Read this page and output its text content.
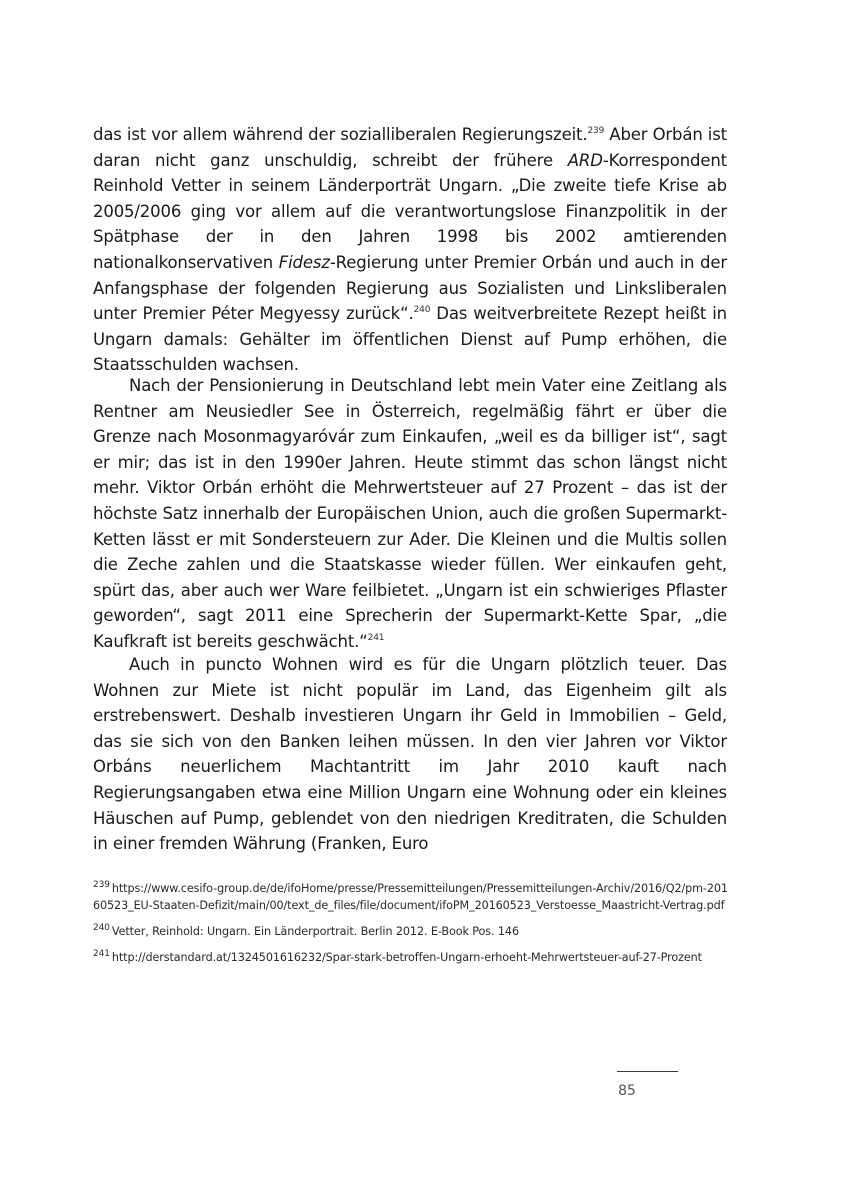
das ist vor allem während der sozialliberalen Regierungszeit.$^{239}$ Aber Orbán ist daran nicht ganz unschuldig, schreibt der frühere ARD-Korrespondent Reinhold Vetter in seinem Länderporträt Ungarn. „Die zweite tiefe Krise ab 2005/2006 ging vor allem auf die verantwortungslose Finanzpolitik in der Spätphase der in den Jahren 1998 bis 2002 amtierenden nationalkonservativen Fidesz-Regierung unter Premier Orbán und auch in der Anfangsphase der folgenden Regierung aus Sozialisten und Linksliberalen unter Premier Péter Megyessy zurück“.$^{240}$ Das weitverbreitete Rezept heißt in Ungarn damals: Gehälter im öffentlichen Dienst auf Pump erhöhen, die Staatsschulden wachsen.

Nach der Pensionierung in Deutschland lebt mein Vater eine Zeitlang als Rentner am Neusiedler See in Österreich, regelmäßig fährt er über die Grenze nach Mosonmagyaróvár zum Einkaufen, „weil es da billiger ist“, sagt er mir; das ist in den 1990er Jahren. Heute stimmt das schon längst nicht mehr. Viktor Orbán erhöht die Mehrwertsteuer auf 27 Prozent – das ist der höchste Satz innerhalb der Europäischen Union, auch die großen Supermarkt-Ketten lässt er mit Sondersteuern zur Ader. Die Kleinen und die Multis sollen die Zeche zahlen und die Staatskasse wieder füllen. Wer einkaufen geht, spürt das, aber auch wer Ware feilbietet. „Ungarn ist ein schwieriges Pflaster geworden“, sagt 2011 eine Sprecherin der Supermarkt-Kette Spar, „die Kaufkraft ist bereits geschwächt.“$^{241}$

Auch in puncto Wohnen wird es für die Ungarn plötzlich teuer. Das Wohnen zur Miete ist nicht populär im Land, das Eigenheim gilt als erstrebenswert. Deshalb investieren Ungarn ihr Geld in Immobilien – Geld, das sie sich von den Banken leihen müssen. In den vier Jahren vor Viktor Orbáns neuerlichem Machtantritt im Jahr 2010 kauft nach Regierungsangaben etwa eine Million Ungarn eine Wohnung oder ein kleines Häuschen auf Pump, geblendet von den niedrigen Kreditraten, die Schulden in einer fremden Währung (Franken, Euro

$^{239}$ https://www.cesifo-group.de/de/ifoHome/presse/Pressemitteilungen/Pressemitteilungen-Archiv/2016/Q2/pm-20160523_EU-Staaten-Defizit/main/00/text_de_files/file/document/ifoPM_20160523_Verstoesse_Maastricht-Vertrag.pdf

$^{240}$ Vetter, Reinhold: Ungarn. Ein Länderportrait. Berlin 2012. E-Book Pos. 146

$^{241}$ http://derstandard.at/1324501616232/Spar-stark-betroffen-Ungarn-erhoeht-Mehrwertsteuer-auf-27-Prozent

85
